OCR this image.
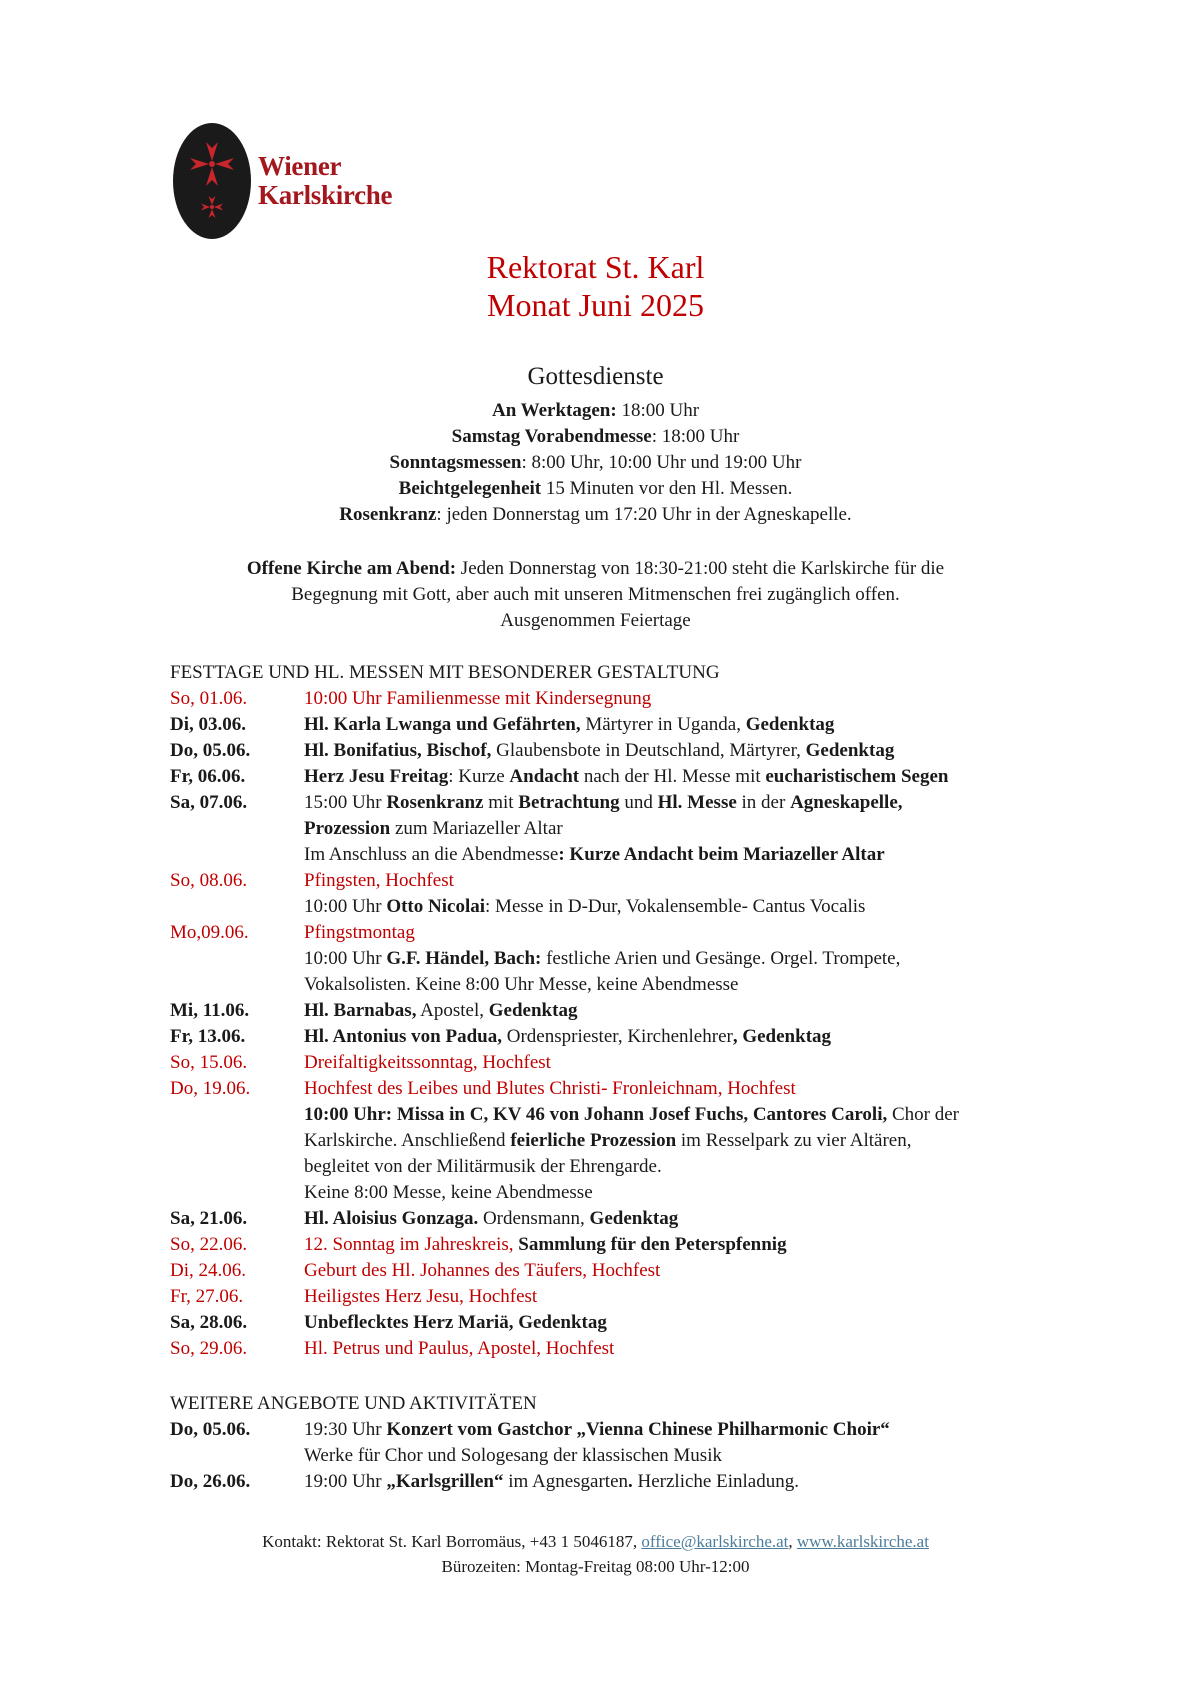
Wiener
Karlskirche
Rektorat St. Karl
Monat Juni 2025
Gottesdienste
An Werktagen: 18:00 Uhr
Samstag Vorabendmesse: 18:00 Uhr
Sonntagsmessen: 8:00 Uhr, 10:00 Uhr und 19:00 Uhr
Beichtgelegenheit 15 Minuten vor den Hl. Messen.
Rosenkranz: jeden Donnerstag um 17:20 Uhr in der Agneskapelle.
Offene Kirche am Abend: Jeden Donnerstag von 18:30-21:00 steht die Karlskirche für die
Begegnung mit Gott, aber auch mit unseren Mitmenschen frei zugänglich offen.
Ausgenommen Feiertage
FESTTAGE UND HL. MESSEN MIT BESONDERER GESTALTUNG
So, 01.06.	10:00 Uhr Familienmesse mit Kindersegnung
Di, 03.06.	Hl. Karla Lwanga und Gefährten, Märtyrer in Uganda, Gedenktag
Do, 05.06.	Hl. Bonifatius, Bischof, Glaubensbote in Deutschland, Märtyrer, Gedenktag
Fr, 06.06.	Herz Jesu Freitag: Kurze Andacht nach der Hl. Messe mit eucharistischem Segen
Sa, 07.06.	15:00 Uhr Rosenkranz mit Betrachtung und Hl. Messe in der Agneskapelle,
Prozession zum Mariazeller Altar
Im Anschluss an die Abendmesse: Kurze Andacht beim Mariazeller Altar
So, 08.06.	Pfingsten, Hochfest
10:00 Uhr Otto Nicolai: Messe in D-Dur, Vokalensemble- Cantus Vocalis
Mo,09.06.	Pfingstmontag
10:00 Uhr G.F. Händel, Bach: festliche Arien und Gesänge. Orgel. Trompete,
Vokalsolisten. Keine 8:00 Uhr Messe, keine Abendmesse
Mi, 11.06.	Hl. Barnabas, Apostel, Gedenktag
Fr, 13.06.	Hl. Antonius von Padua, Ordenspriester, Kirchenlehrer, Gedenktag
So, 15.06.	Dreifaltigkeitssonntag, Hochfest
Do, 19.06.	Hochfest des Leibes und Blutes Christi- Fronleichnam, Hochfest
10:00 Uhr: Missa in C, KV 46 von Johann Josef Fuchs, Cantores Caroli, Chor der
Karlskirche. Anschließend feierliche Prozession im Resselpark zu vier Altären,
begleitet von der Militärmusik der Ehrengarde.
Keine 8:00 Messe, keine Abendmesse
Sa, 21.06.	Hl. Aloisius Gonzaga. Ordensmann, Gedenktag
So, 22.06.	12. Sonntag im Jahreskreis, Sammlung für den Peterspfennig
Di, 24.06.	Geburt des Hl. Johannes des Täufers, Hochfest
Fr, 27.06.	Heiligstes Herz Jesu, Hochfest
Sa, 28.06.	Unbeflecktes Herz Mariä, Gedenktag
So, 29.06.	Hl. Petrus und Paulus, Apostel, Hochfest
WEITERE ANGEBOTE UND AKTIVITÄTEN
Do, 05.06.	19:30 Uhr Konzert vom Gastchor „Vienna Chinese Philharmonic Choir“
Werke für Chor und Sologesang der klassischen Musik
Do, 26.06.	19:00 Uhr „Karlsgrillen“ im Agnesgarten. Herzliche Einladung.
Kontakt: Rektorat St. Karl Borromäus, +43 1 5046187, office@karlskirche.at, www.karlskirche.at
Bürozeiten: Montag-Freitag 08:00 Uhr-12:00
